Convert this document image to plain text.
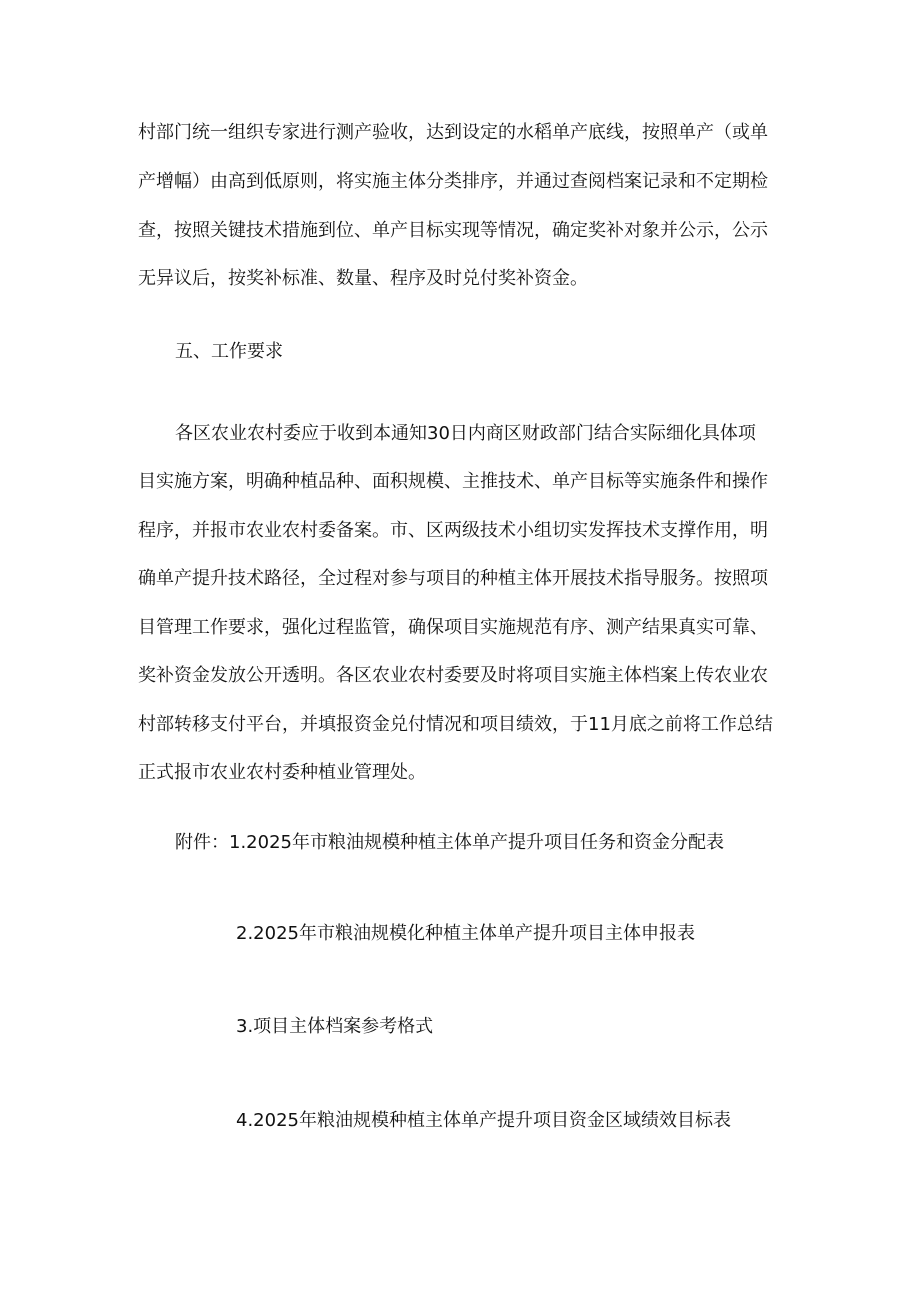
村部门统一组织专家进行测产验收，达到设定的水稻单产底线，按照单产（或单
产增幅）由高到低原则，将实施主体分类排序，并通过查阅档案记录和不定期检
查，按照关键技术措施到位、单产目标实现等情况，确定奖补对象并公示，公示
无异议后，按奖补标准、数量、程序及时兑付奖补资金。
五、工作要求
各区农业农村委应于收到本通知30日内商区财政部门结合实际细化具体项
目实施方案，明确种植品种、面积规模、主推技术、单产目标等实施条件和操作
程序，并报市农业农村委备案。市、区两级技术小组切实发挥技术支撑作用，明
确单产提升技术路径，全过程对参与项目的种植主体开展技术指导服务。按照项
目管理工作要求，强化过程监管，确保项目实施规范有序、测产结果真实可靠、
奖补资金发放公开透明。各区农业农村委要及时将项目实施主体档案上传农业农
村部转移支付平台，并填报资金兑付情况和项目绩效，于11月底之前将工作总结
正式报市农业农村委种植业管理处。
附件：1.2025年市粮油规模种植主体单产提升项目任务和资金分配表
2.2025年市粮油规模化种植主体单产提升项目主体申报表
3.项目主体档案参考格式
4.2025年粮油规模种植主体单产提升项目资金区域绩效目标表
